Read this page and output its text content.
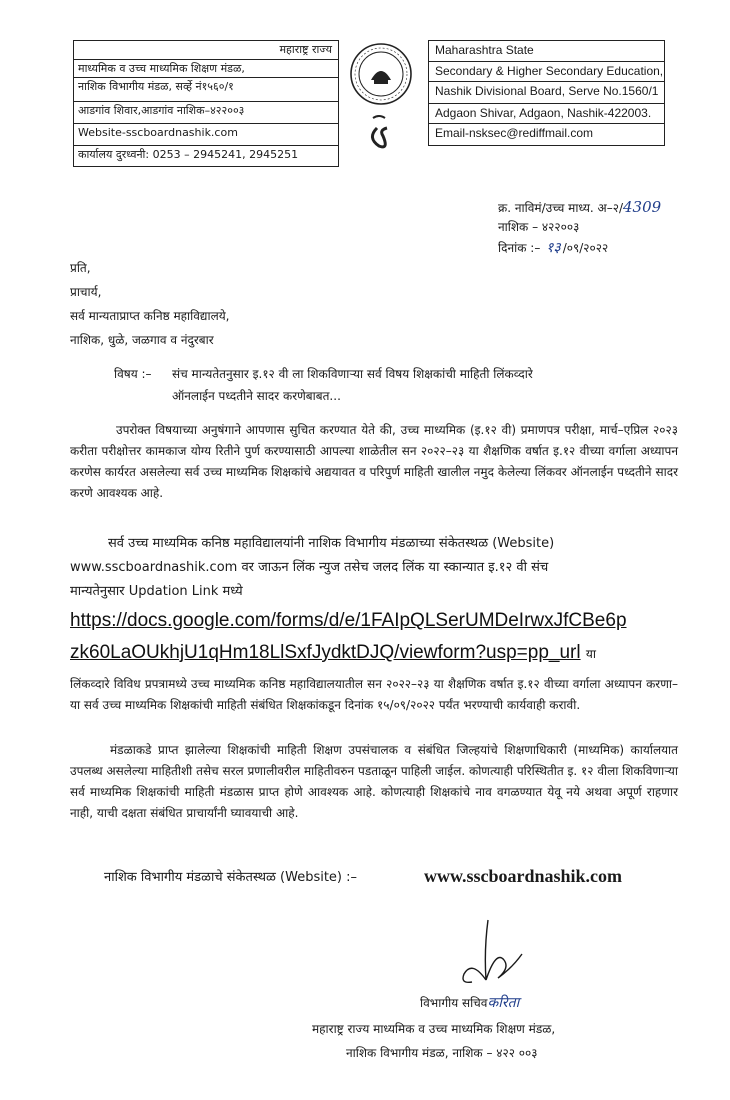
महाराष्ट्र राज्य
माध्यमिक व उच्च माध्यमिक शिक्षण मंडळ,
नाशिक विभागीय मंडळ, सर्व्हे नं१५६०/१
आडगांव शिवार,आडगांव नाशिक–४२२००३
Website-sscboardnashik.com
कार्यालय दुरध्वनी: 0253 – 2945241, 2945251
Maharashtra State
Secondary & Higher Secondary Education,
Nashik Divisional Board, Serve No.1560/1
Adgaon Shivar, Adgaon, Nashik-422003.
Email-nsksec@rediffmail.com
क्र. नाविमं/उच्च माध्य. अ–२/4309
नाशिक – ४२२००३
दिनांक :– १३ /०९/२०२२
प्रति,
प्राचार्य,
सर्व मान्यताप्राप्त कनिष्ठ महाविद्यालये,
नाशिक, धुळे, जळगाव व नंदुरबार
विषय :– संच मान्यतेतनुसार इ.१२ वी ला शिकविणाऱ्या सर्व विषय शिक्षकांची माहिती लिंकव्दारे
ऑनलाईन पध्दतीने सादर करणेबाबत...
उपरोक्त विषयाच्या अनुषंगाने आपणास सुचित करण्यात येते की, उच्च माध्यमिक (इ.१२ वी) प्रमाणपत्र परीक्षा, मार्च–एप्रिल २०२३ करीता परीक्षोत्तर कामकाज योग्य रितीने पुर्ण करण्यासाठी आपल्या शाळेतील सन २०२२–२३ या शैक्षणिक वर्षात इ.१२ वीच्या वर्गाला अध्यापन करणेस कार्यरत असलेल्या सर्व उच्च माध्यमिक शिक्षकांचे अद्ययावत व परिपुर्ण माहिती खालील नमुद केलेल्या लिंकवर ऑनलाईन पध्दतीने सादर करणे आवश्यक आहे.
सर्व उच्च माध्यमिक कनिष्ठ महाविद्यालयांनी नाशिक विभागीय मंडळाच्या संकेतस्थळ (Website)
www.sscboardnashik.com वर जाऊन लिंक न्युज तसेच जलद लिंक या स्कान्यात इ.१२ वी संच
मान्यतेनुसार Updation Link मध्ये
https://docs.google.com/forms/d/e/1FAIpQLSerUMDeIrwxJfCBe6p
zk60LaOUkhjU1qHm18LlSxfJydktDJQ/viewform?usp=pp_url या
लिंकव्दारे विविध प्रपत्रामध्ये उच्च माध्यमिक कनिष्ठ महाविद्यालयातील सन २०२२–२३ या शैक्षणिक वर्षात इ.१२ वीच्या वर्गाला अध्यापन करणा–या सर्व उच्च माध्यमिक शिक्षकांची माहिती संबंधित शिक्षकांकडून दिनांक १५/०९/२०२२ पर्यंत भरण्याची कार्यवाही करावी.
मंडळाकडे प्राप्त झालेल्या शिक्षकांची माहिती शिक्षण उपसंचालक व संबंधित जिल्हयांचे शिक्षणाधिकारी (माध्यमिक) कार्यालयात उपलब्ध असलेल्या माहितीशी तसेच सरल प्रणालीवरील माहितीवरुन पडताळून पाहिली जाईल. कोणत्याही परिस्थितीत इ. १२ वीला शिकविणाऱ्या सर्व माध्यमिक शिक्षकांची माहिती मंडळास प्राप्त होणे आवश्यक आहे. कोणत्याही शिक्षकांचे नाव वगळण्यात येवू नये अथवा अपूर्ण राहणार नाही, याची दक्षता संबंधित प्राचार्यांनी घ्यावयाची आहे.
नाशिक विभागीय मंडळाचे संकेतस्थळ (Website) :–	www.sscboardnashik.com
विभागीय सचिवकरिता
महाराष्ट्र राज्य माध्यमिक व उच्च माध्यमिक शिक्षण मंडळ,
नाशिक विभागीय मंडळ, नाशिक – ४२२ ००३
